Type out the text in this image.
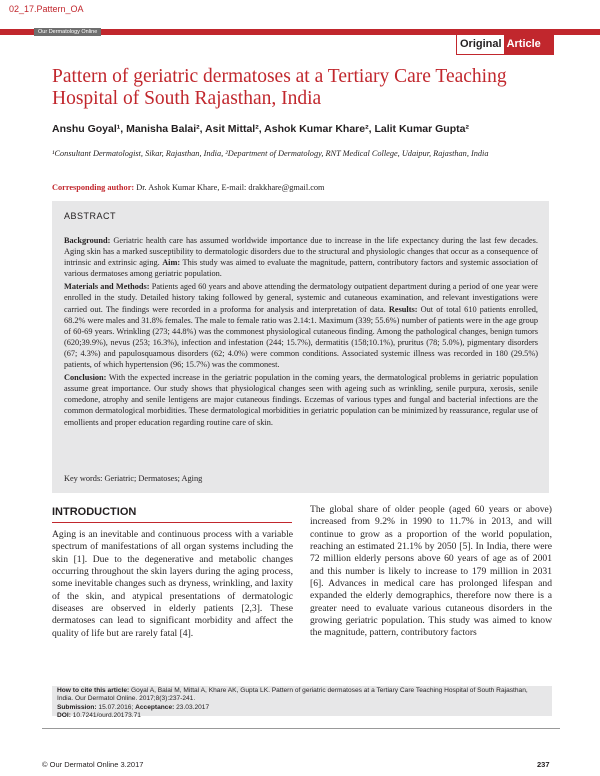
02_17.Pattern_OA
Our Dermatology Online
Original Article
Pattern of geriatric dermatoses at a Tertiary Care Teaching Hospital of South Rajasthan, India
Anshu Goyal¹, Manisha Balai², Asit Mittal², Ashok Kumar Khare², Lalit Kumar Gupta²
¹Consultant Dermatologist, Sikar, Rajasthan, India, ²Department of Dermatology, RNT Medical College, Udaipur, Rajasthan, India
Corresponding author: Dr. Ashok Kumar Khare, E-mail: drakkhare@gmail.com
ABSTRACT

Background: Geriatric health care has assumed worldwide importance due to increase in the life expectancy during the last few decades. Aging skin has a marked susceptibility to dermatologic disorders due to the structural and physiologic changes that occur as a consequence of intrinsic and extrinsic aging. Aim: This study was aimed to evaluate the magnitude, pattern, contributory factors and systemic association of various dermatoses among geriatric population.

Materials and Methods: Patients aged 60 years and above attending the dermatology outpatient department during a period of one year were enrolled in the study. Detailed history taking followed by general, systemic and cutaneous examination, and relevant investigations were carried out. The findings were recorded in a proforma for analysis and interpretation of data. Results: Out of total 610 patients enrolled, 68.2% were males and 31.8% females. The male to female ratio was 2.14:1. Maximum (339; 55.6%) number of patients were in the age group of 60-69 years. Wrinkling (273; 44.8%) was the commonest physiological cutaneous finding. Among the pathological changes, benign tumors (620;39.9%), nevus (253; 16.3%), infection and infestation (244; 15.7%), dermatitis (158;10.1%), pruritus (78; 5.0%), pigmentary disorders (67; 4.3%) and papulosquamous disorders (62; 4.0%) were common conditions. Associated systemic illness was recorded in 180 (29.5%) patients, of which hypertension (96; 15.7%) was the commonest.

Conclusion: With the expected increase in the geriatric population in the coming years, the dermatological problems in geriatric population assume great importance. Our study shows that physiological changes seen with ageing such as wrinkling, senile purpura, xerosis, senile comedone, atrophy and senile lentigens are major cutaneous findings. Eczemas of various types and fungal and bacterial infections are the common dermatological morbidities. These dermatological morbidities in geriatric population can be minimized by reassurance, regular use of emollients and proper education regarding routine care of skin.

Key words: Geriatric; Dermatoses; Aging
INTRODUCTION
Aging is an inevitable and continuous process with a variable spectrum of manifestations of all organ systems including the skin [1]. Due to the degenerative and metabolic changes occurring throughout the skin layers during the aging process, some inevitable changes such as dryness, wrinkling, and laxity of the skin, and atypical presentations of dermatologic diseases are observed in elderly patients [2,3]. These dermatoses can lead to significant morbidity and affect the quality of life but are rarely fatal [4].
The global share of older people (aged 60 years or above) increased from 9.2% in 1990 to 11.7% in 2013, and will continue to grow as a proportion of the world population, reaching an estimated 21.1% by 2050 [5]. In India, there were 72 million elderly persons above 60 years of age as of 2001 and this number is likely to increase to 179 million in 2031 [6]. Advances in medical care has prolonged lifespan and expanded the elderly demographics, therefore now there is a greater need to evaluate various cutaneous disorders in the growing geriatric population. This study was aimed to know the magnitude, pattern, contributory factors
How to cite this article: Goyal A, Balai M, Mittal A, Khare AK, Gupta LK. Pattern of geriatric dermatoses at a Tertiary Care Teaching Hospital of South Rajasthan, India. Our Dermatol Online. 2017;8(3):237-241.
Submission: 15.07.2016; Acceptance: 23.03.2017
DOI: 10.7241/ourd.20173.71
© Our Dermatol Online 3.2017	237
